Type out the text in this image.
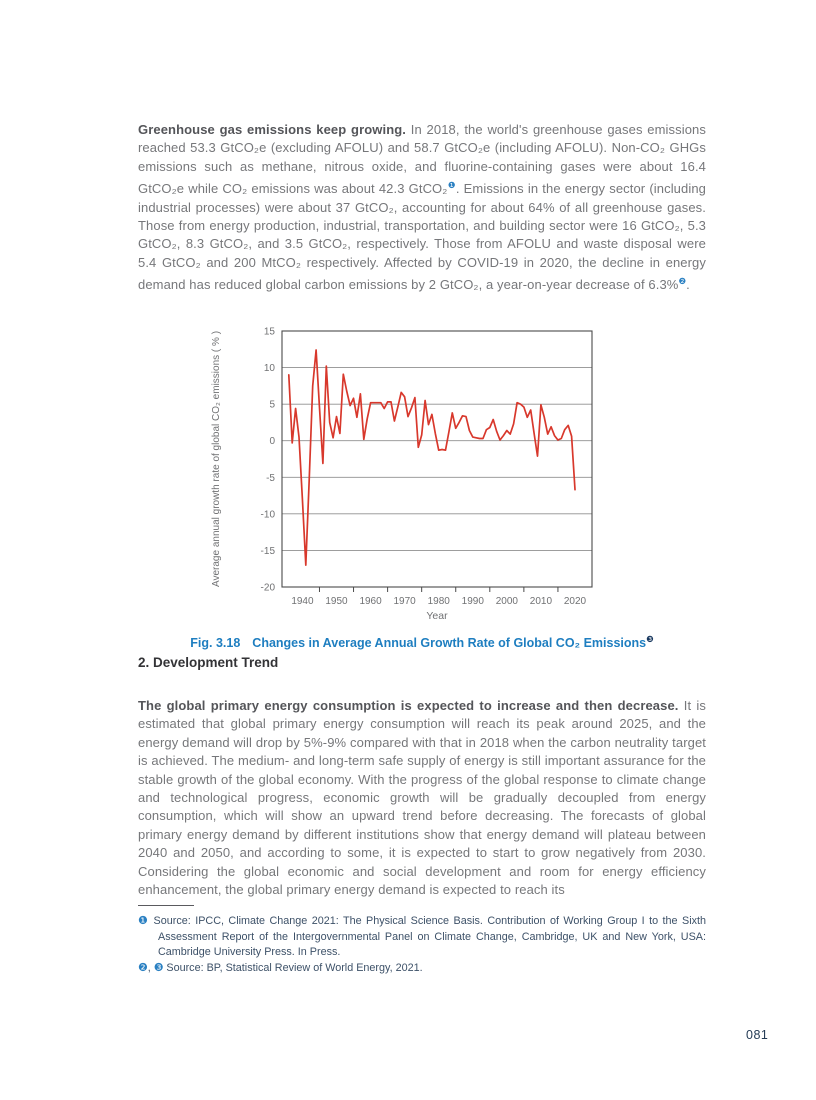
Greenhouse gas emissions keep growing. In 2018, the world's greenhouse gases emissions reached 53.3 GtCO₂e (excluding AFOLU) and 58.7 GtCO₂e (including AFOLU). Non-CO₂ GHGs emissions such as methane, nitrous oxide, and fluorine-containing gases were about 16.4 GtCO₂e while CO₂ emissions was about 42.3 GtCO₂$^❶$. Emissions in the energy sector (including industrial processes) were about 37 GtCO₂, accounting for about 64% of all greenhouse gases. Those from energy production, industrial, transportation, and building sector were 16 GtCO₂, 5.3 GtCO₂, 8.3 GtCO₂, and 3.5 GtCO₂, respectively. Those from AFOLU and waste disposal were 5.4 GtCO₂ and 200 MtCO₂ respectively. Affected by COVID-19 in 2020, the decline in energy demand has reduced global carbon emissions by 2 GtCO₂, a year-on-year decrease of 6.3%$^❷$.

15
10
5
0
-5
-10
-15
-20
1940 1950 1960 1970 1980 1990 2000 2010 2020
Year
Average annual growth rate of global CO₂ emissions ( % )
Fig. 3.18 Changes in Average Annual Growth Rate of Global CO₂ Emissions$^❸$
2. Development Trend

The global primary energy consumption is expected to increase and then decrease. It is estimated that global primary energy consumption will reach its peak around 2025, and the energy demand will drop by 5%-9% compared with that in 2018 when the carbon neutrality target is achieved. The medium- and long-term safe supply of energy is still important assurance for the stable growth of the global economy. With the progress of the global response to climate change and technological progress, economic growth will be gradually decoupled from energy consumption, which will show an upward trend before decreasing. The forecasts of global primary energy demand by different institutions show that energy demand will plateau between 2040 and 2050, and according to some, it is expected to start to grow negatively from 2030. Considering the global economic and social development and room for energy efficiency enhancement, the global primary energy demand is expected to reach its

❶ Source: IPCC, Climate Change 2021: The Physical Science Basis. Contribution of Working Group I to the Sixth Assessment Report of the Intergovernmental Panel on Climate Change, Cambridge, UK and New York, USA: Cambridge University Press. In Press.
❷, ❸ Source: BP, Statistical Review of World Energy, 2021.
081
